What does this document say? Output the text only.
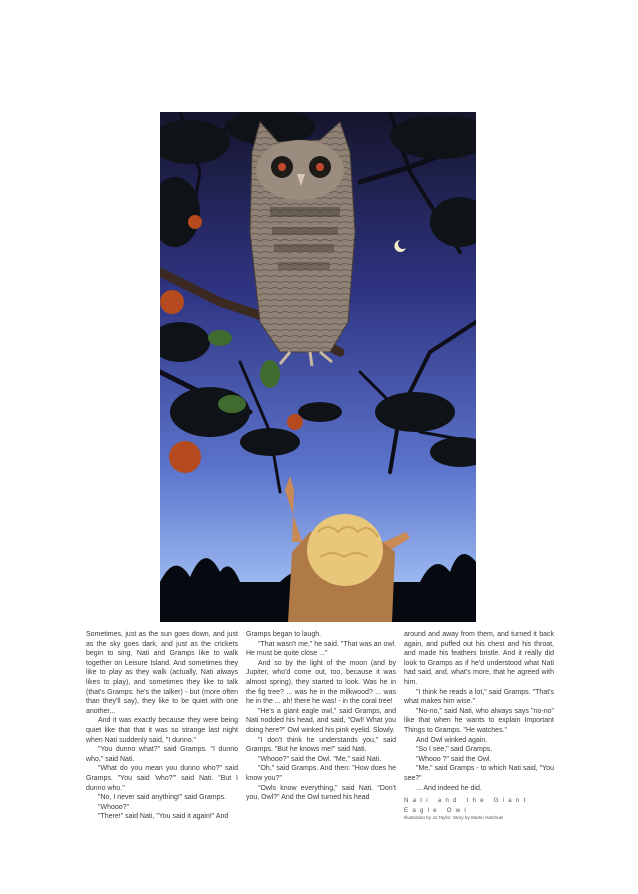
Sometimes, just as the sun goes down, and just as the sky goes dark, and just as the crickets begin to sing, Nati and Gramps like to walk together on Leisure Island. And sometimes they like to play as they walk (actually, Nati always likes to play), and sometimes they like to talk (that's Gramps: he's the talker) - but (more often than they'll say), they like to be quiet with one another...

And it was exactly because they were being quiet like that that it was so strange last night when Nati suddenly said, "I dunno."

"You dunno what?" said Gramps. "I dunno who," said Nati.

"What do you mean you dunno who?" said Gramps. "You said 'who?'" said Nati. "But I dunno who."

"No, I never said anything!" said Gramps.

"Whooo?"

"There!" said Nati, "You said it again!" And

Gramps began to laugh.

"That wasn't me," he said. "That was an owl. He must be quite close ..."

And so by the light of the moon (and by Jupiter, who'd come out, too, because it was almost spring), they started to look. Was he in the fig tree? ... was he in the milkwood? ... was he in the ... ah! there he was! - in the coral tree!

"He's a giant eagle owl," said Gramps, and Nati nodded his head, and said, "Owl! What you doing here?" Owl winked his pink eyelid. Slowly.

"I don't think he understands you," said Gramps. "But he knows me!" said Nati.

"Whooo?" said the Owl. "Me," said Nati.

"Oh," said Gramps. And then: "How does he know you?"

"Owls know everything," said Nati. "Don't you, Owl?" And the Owl turned his head

around and away from them, and turned it back again, and puffed out his chest and his throat, and made his feathers bristle. And it really did look to Gramps as if he'd understood what Nati had said, and, what's more, that he agreed with him.

"I think he reads a lot," said Gramps. "That's what makes him wise."

"No-no," said Nati, who always says "no-no" like that when he wants to explain Important Things to Gramps. "He watches."

And Owl winked again.

"So I see," said Gramps.

"Whooo ?" said the Owl.

"Me," said Gramps - to which Nati said, "You see?"

... And indeed he did.

Nati and the Giant Eagle Owl
Illustration by Jo Taylor. Story by Martin Hatchuel
